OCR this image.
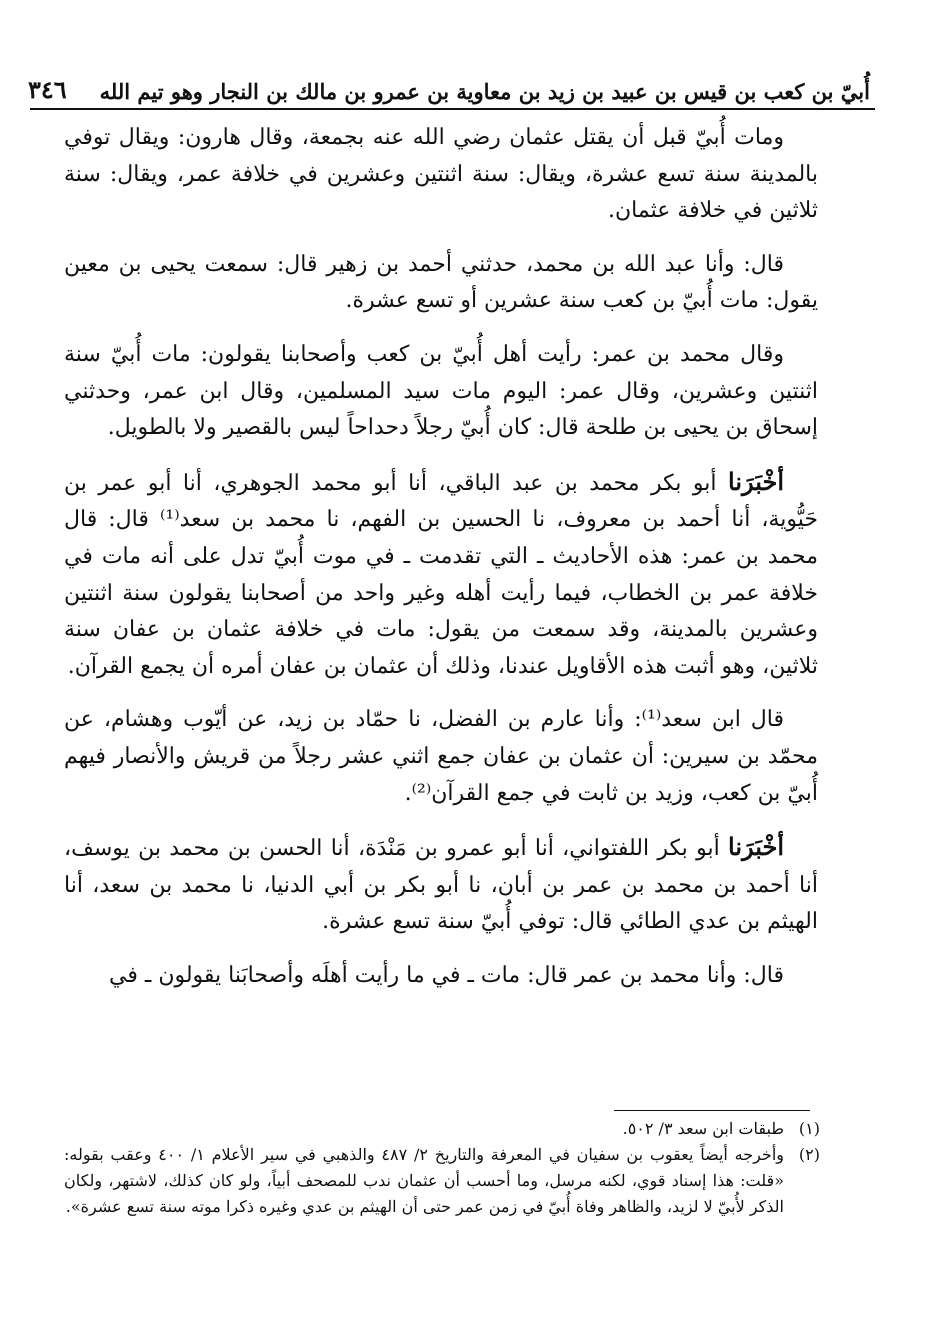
أُبيّ بن كعب بن قيس بن عبيد بن زيد بن معاوية بن عمرو بن مالك بن النجار وهو تيم الله
٣٤٦

ومات أُبيّ قبل أن يقتل عثمان رضي الله عنه بجمعة، وقال هارون: ويقال توفي بالمدينة سنة تسع عشرة، ويقال: سنة اثنتين وعشرين في خلافة عمر، ويقال: سنة ثلاثين في خلافة عثمان.

قال: وأنا عبد الله بن محمد، حدثني أحمد بن زهير قال: سمعت يحيى بن معين يقول: مات أُبيّ بن كعب سنة عشرين أو تسع عشرة.

وقال محمد بن عمر: رأيت أهل أُبيّ بن كعب وأصحابنا يقولون: مات أُبيّ سنة اثنتين وعشرين، وقال عمر: اليوم مات سيد المسلمين، وقال ابن عمر، وحدثني إسحاق بن يحيى بن طلحة قال: كان أُبيّ رجلاً دحداحاً ليس بالقصير ولا بالطويل.

أخْبَرَنا أبو بكر محمد بن عبد الباقي، أنا أبو محمد الجوهري، أنا أبو عمر بن حَيُّوية، أنا أحمد بن معروف، نا الحسين بن الفهم، نا محمد بن سعد⁽¹⁾ قال: قال محمد بن عمر: هذه الأحاديث ـ التي تقدمت ـ في موت أُبيّ تدل على أنه مات في خلافة عمر بن الخطاب، فيما رأيت أهله وغير واحد من أصحابنا يقولون سنة اثنتين وعشرين بالمدينة، وقد سمعت من يقول: مات في خلافة عثمان بن عفان سنة ثلاثين، وهو أثبت هذه الأقاويل عندنا، وذلك أن عثمان بن عفان أمره أن يجمع القرآن.

قال ابن سعد⁽¹⁾: وأنا عارم بن الفضل، نا حمّاد بن زيد، عن أيّوب وهشام، عن محمّد بن سيرين: أن عثمان بن عفان جمع اثني عشر رجلاً من قريش والأنصار فيهم أُبيّ بن كعب، وزيد بن ثابت في جمع القرآن⁽²⁾.

أخْبَرَنا أبو بكر اللفتواني، أنا أبو عمرو بن مَنْدَة، أنا الحسن بن محمد بن يوسف، أنا أحمد بن محمد بن عمر بن أبان، نا أبو بكر بن أبي الدنيا، نا محمد بن سعد، أنا الهيثم بن عدي الطائي قال: توفي أُبيّ سنة تسع عشرة.

قال: وأنا محمد بن عمر قال: مات ـ في ما رأيت أهلَه وأصحابَنا يقولون ـ في

(١)
طبقات ابن سعد ٣/ ٥٠٢.
(٢)
وأخرجه أيضاً يعقوب بن سفيان في المعرفة والتاريخ ٢/ ٤٨٧ والذهبي في سير الأعلام ١/ ٤٠٠ وعقب بقوله: «قلت: هذا إسناد قوي، لكنه مرسل، وما أحسب أن عثمان ندب للمصحف أبياً، ولو كان كذلك، لاشتهر، ولكان الذكر لأُبيّ لا لزيد، والظاهر وفاة أُبيّ في زمن عمر حتى أن الهيثم بن عدي وغيره ذكرا موته سنة تسع عشرة».
